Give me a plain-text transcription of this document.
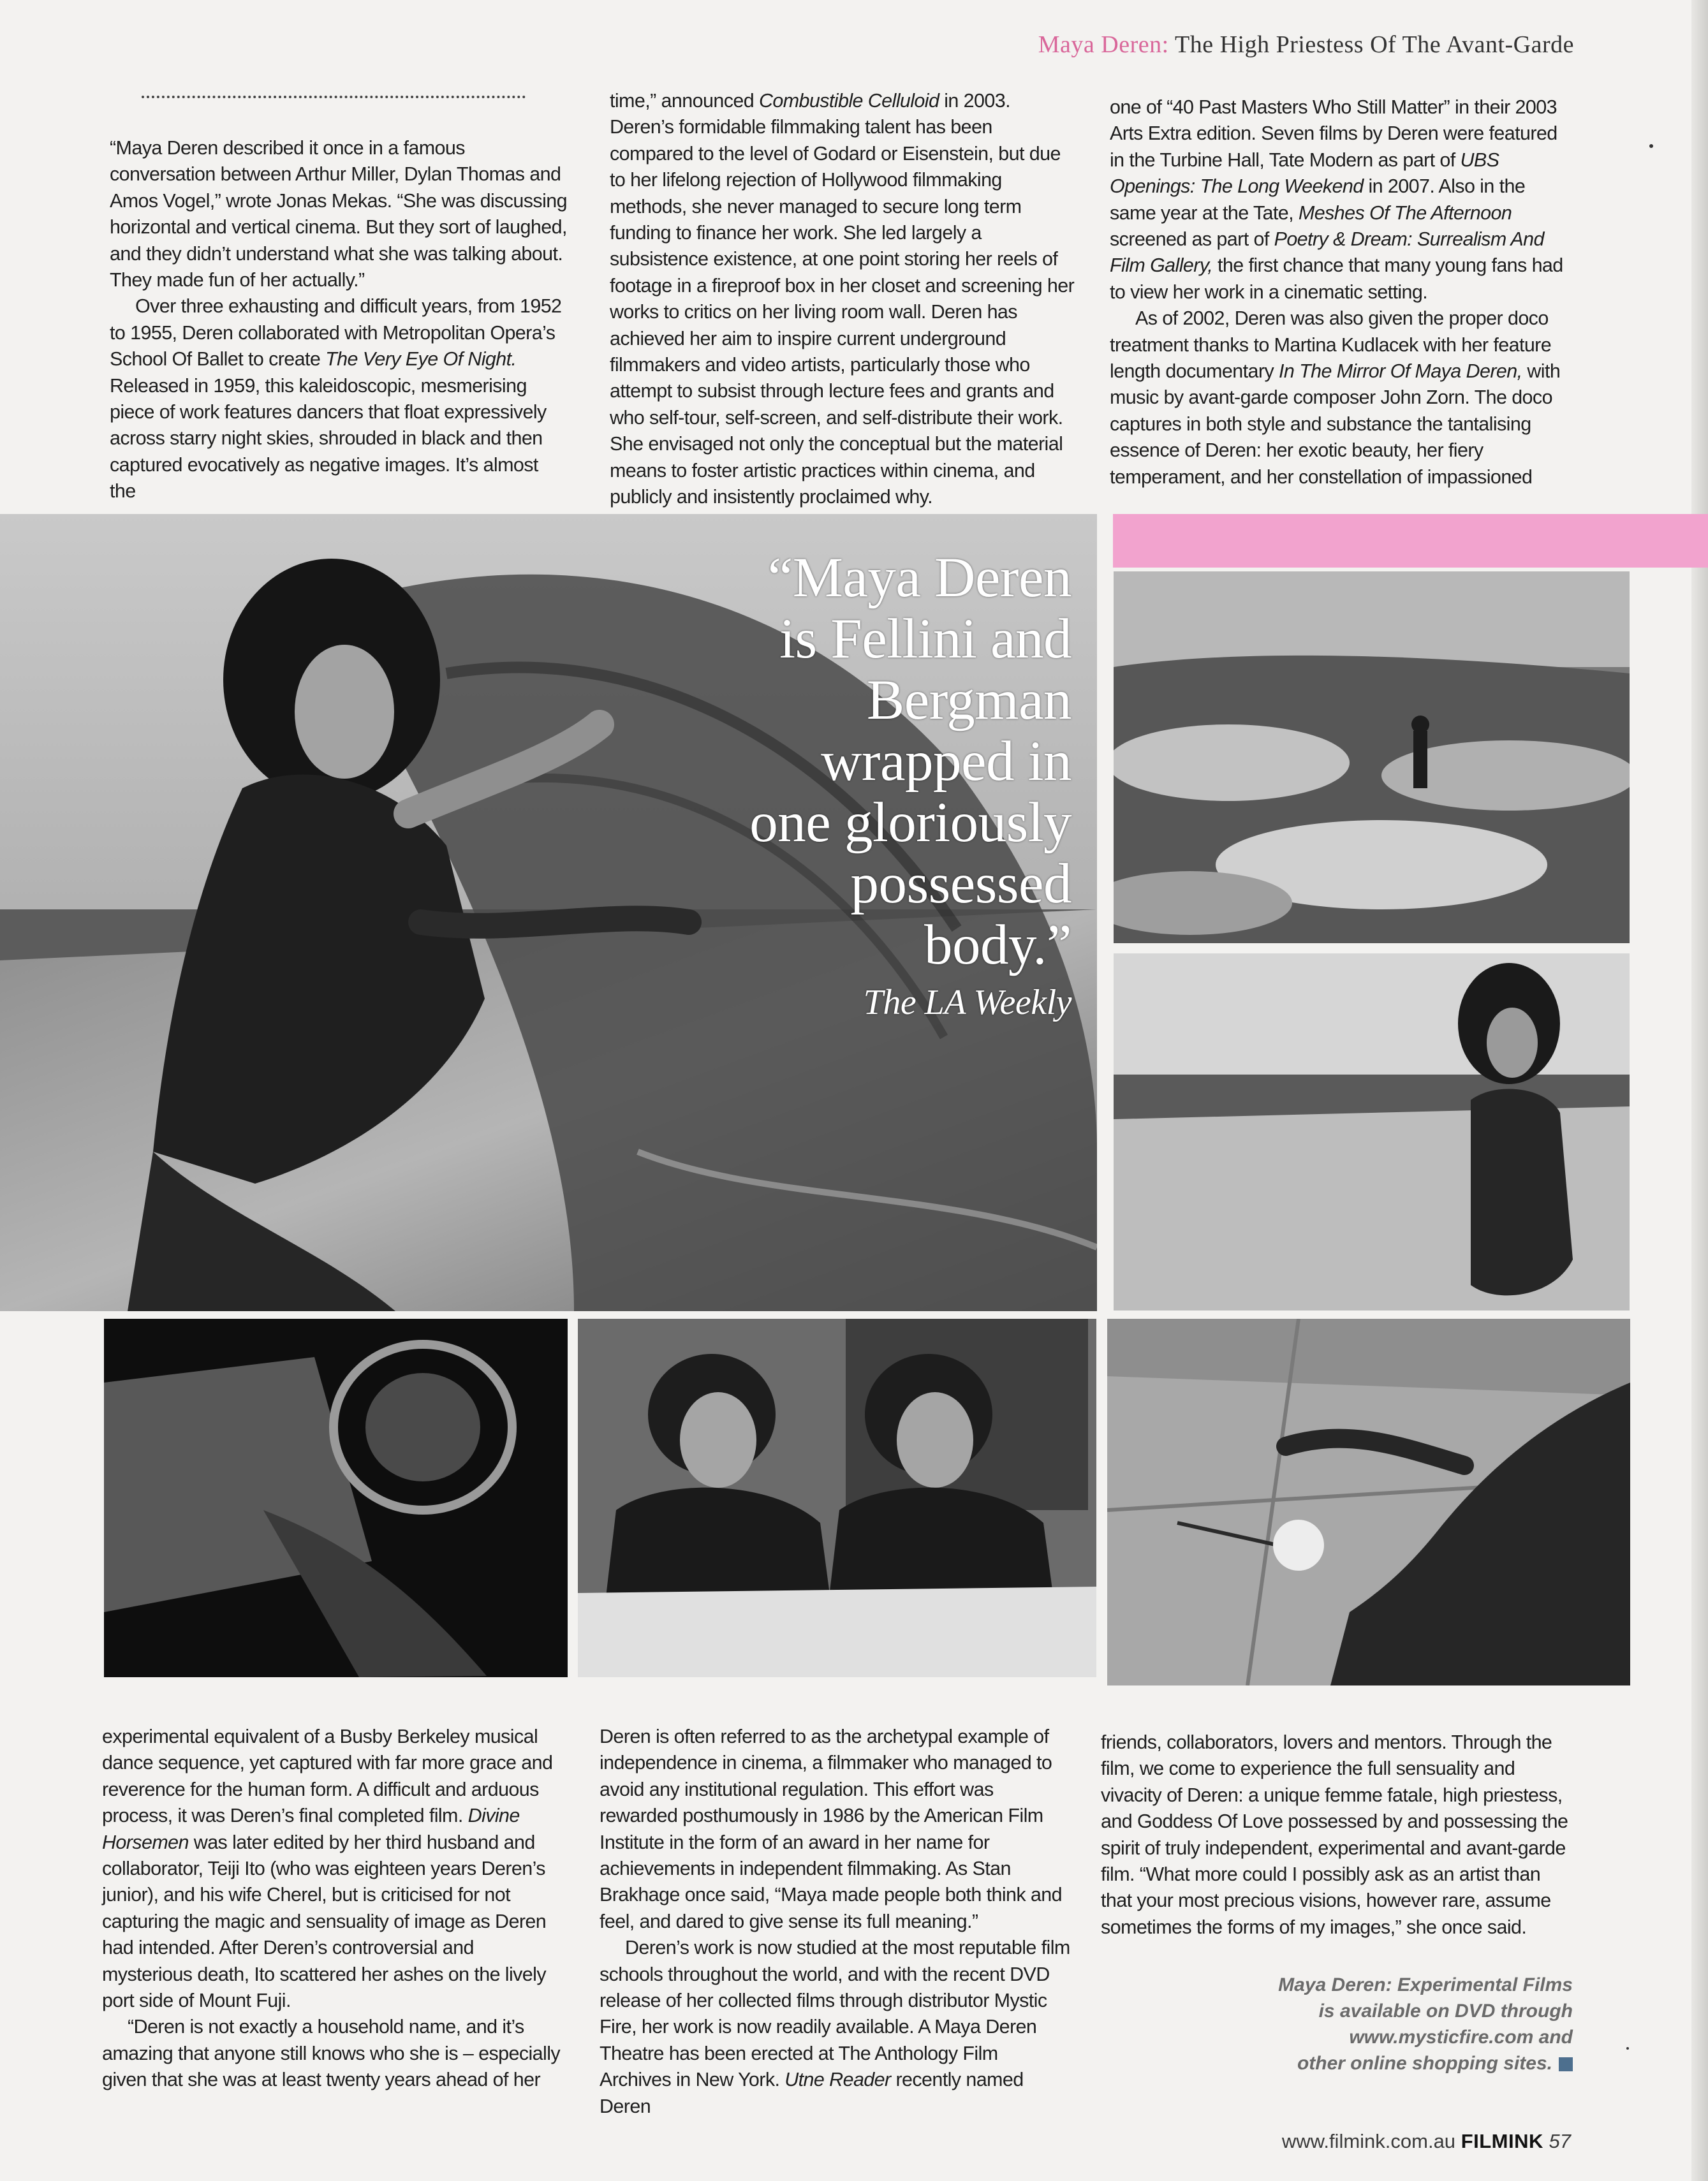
Maya Deren: The High Priestess Of The Avant-Garde

“Maya Deren described it once in a famous conversation between Arthur Miller, Dylan Thomas and Amos Vogel,” wrote Jonas Mekas. “She was discussing horizontal and vertical cinema. But they sort of laughed, and they didn’t understand what she was talking about. They made fun of her actually.”

Over three exhausting and difficult years, from 1952 to 1955, Deren collaborated with Metropolitan Opera’s School Of Ballet to create The Very Eye Of Night. Released in 1959, this kaleidoscopic, mesmerising piece of work features dancers that float expressively across starry night skies, shrouded in black and then captured evocatively as negative images. It’s almost the

time,” announced Combustible Celluloid in 2003. Deren’s formidable filmmaking talent has been compared to the level of Godard or Eisenstein, but due to her lifelong rejection of Hollywood filmmaking methods, she never managed to secure long term funding to finance her work. She led largely a subsistence existence, at one point storing her reels of footage in a fireproof box in her closet and screening her works to critics on her living room wall. Deren has achieved her aim to inspire current underground filmmakers and video artists, particularly those who attempt to subsist through lecture fees and grants and who self-tour, self-screen, and self-distribute their work. She envisaged not only the conceptual but the material means to foster artistic practices within cinema, and publicly and insistently proclaimed why.

one of “40 Past Masters Who Still Matter” in their 2003 Arts Extra edition. Seven films by Deren were featured in the Turbine Hall, Tate Modern as part of UBS Openings: The Long Weekend in 2007. Also in the same year at the Tate, Meshes Of The Afternoon screened as part of Poetry & Dream: Surrealism And Film Gallery, the first chance that many young fans had to view her work in a cinematic setting.

As of 2002, Deren was also given the proper doco treatment thanks to Martina Kudlacek with her feature length documentary In The Mirror Of Maya Deren, with music by avant-garde composer John Zorn. The doco captures in both style and substance the tantalising essence of Deren: her exotic beauty, her fiery temperament, and her constellation of impassioned

“Maya Deren
is Fellini and
Bergman
wrapped in
one gloriously
possessed
body.”
The LA Weekly

experimental equivalent of a Busby Berkeley musical dance sequence, yet captured with far more grace and reverence for the human form. A difficult and arduous process, it was Deren’s final completed film. Divine Horsemen was later edited by her third husband and collaborator, Teiji Ito (who was eighteen years Deren’s junior), and his wife Cherel, but is criticised for not capturing the magic and sensuality of image as Deren had intended. After Deren’s controversial and mysterious death, Ito scattered her ashes on the lively port side of Mount Fuji.

“Deren is not exactly a household name, and it’s amazing that anyone still knows who she is – especially given that she was at least twenty years ahead of her

Deren is often referred to as the archetypal example of independence in cinema, a filmmaker who managed to avoid any institutional regulation. This effort was rewarded posthumously in 1986 by the American Film Institute in the form of an award in her name for achievements in independent filmmaking. As Stan Brakhage once said, “Maya made people both think and feel, and dared to give sense its full meaning.”

Deren’s work is now studied at the most reputable film schools throughout the world, and with the recent DVD release of her collected films through distributor Mystic Fire, her work is now readily available. A Maya Deren Theatre has been erected at The Anthology Film Archives in New York. Utne Reader recently named Deren

friends, collaborators, lovers and mentors. Through the film, we come to experience the full sensuality and vivacity of Deren: a unique femme fatale, high priestess, and Goddess Of Love possessed by and possessing the spirit of truly independent, experimental and avant-garde film. “What more could I possibly ask as an artist than that your most precious visions, however rare, assume sometimes the forms of my images,” she once said.

Maya Deren: Experimental Films
is available on DVD through
www.mysticfire.com and
other online shopping sites.
www.filmink.com.au FILMINK 57
